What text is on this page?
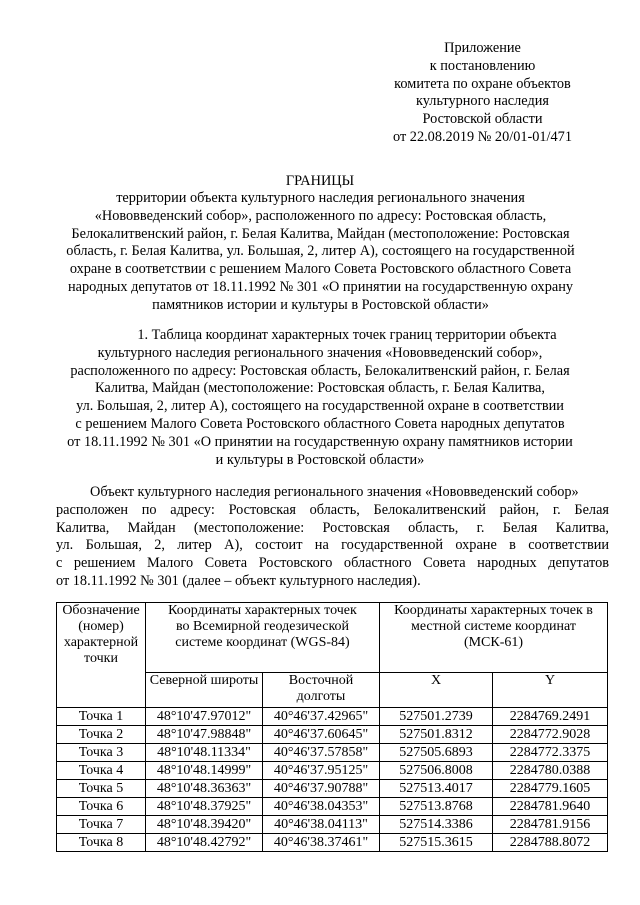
Приложение
к постановлению
комитета по охране объектов
культурного наследия
Ростовской области
от 22.08.2019 № 20/01-01/471
ГРАНИЦЫ
территории объекта культурного наследия регионального значения
«Нововведенский собор», расположенного по адресу: Ростовская область,
Белокалитвенский район, г. Белая Калитва, Майдан (местоположение: Ростовская
область, г. Белая Калитва, ул. Большая, 2, литер А), состоящего на государственной
охране в соответствии с решением Малого Совета Ростовского областного Совета
народных депутатов от 18.11.1992 № 301 «О принятии на государственную охрану
памятников истории и культуры в Ростовской области»
1. Таблица координат характерных точек границ территории объекта
культурного наследия регионального значения «Нововведенский собор»,
расположенного по адресу: Ростовская область, Белокалитвенский район, г. Белая
Калитва, Майдан (местоположение: Ростовская область, г. Белая Калитва,
ул. Большая, 2, литер А), состоящего на государственной охране в соответствии
с решением Малого Совета Ростовского областного Совета народных депутатов
от 18.11.1992 № 301 «О принятии на государственную охрану памятников истории
и культуры в Ростовской области»
Объект культурного наследия регионального значения «Нововведенский собор»
расположен по адресу: Ростовская область, Белокалитвенский район, г. Белая
Калитва, Майдан (местоположение: Ростовская область, г. Белая Калитва,
ул. Большая, 2, литер А), состоит на государственной охране в соответствии
с решением Малого Совета Ростовского областного Совета народных депутатов
от 18.11.1992 № 301 (далее – объект культурного наследия).
Обозначение (номер) характерной точки	Координаты характерных точек во Всемирной геодезической системе координат (WGS-84)		Координаты характерных точек в местной системе координат (МСК-61)	
	Северной широты	Восточной долготы	X	Y
Точка 1	48°10'47.97012"	40°46'37.42965"	527501.2739	2284769.2491
Точка 2	48°10'47.98848"	40°46'37.60645"	527501.8312	2284772.9028
Точка 3	48°10'48.11334"	40°46'37.57858"	527505.6893	2284772.3375
Точка 4	48°10'48.14999"	40°46'37.95125"	527506.8008	2284780.0388
Точка 5	48°10'48.36363"	40°46'37.90788"	527513.4017	2284779.1605
Точка 6	48°10'48.37925"	40°46'38.04353"	527513.8768	2284781.9640
Точка 7	48°10'48.39420"	40°46'38.04113"	527514.3386	2284781.9156
Точка 8	48°10'48.42792"	40°46'38.37461"	527515.3615	2284788.8072
